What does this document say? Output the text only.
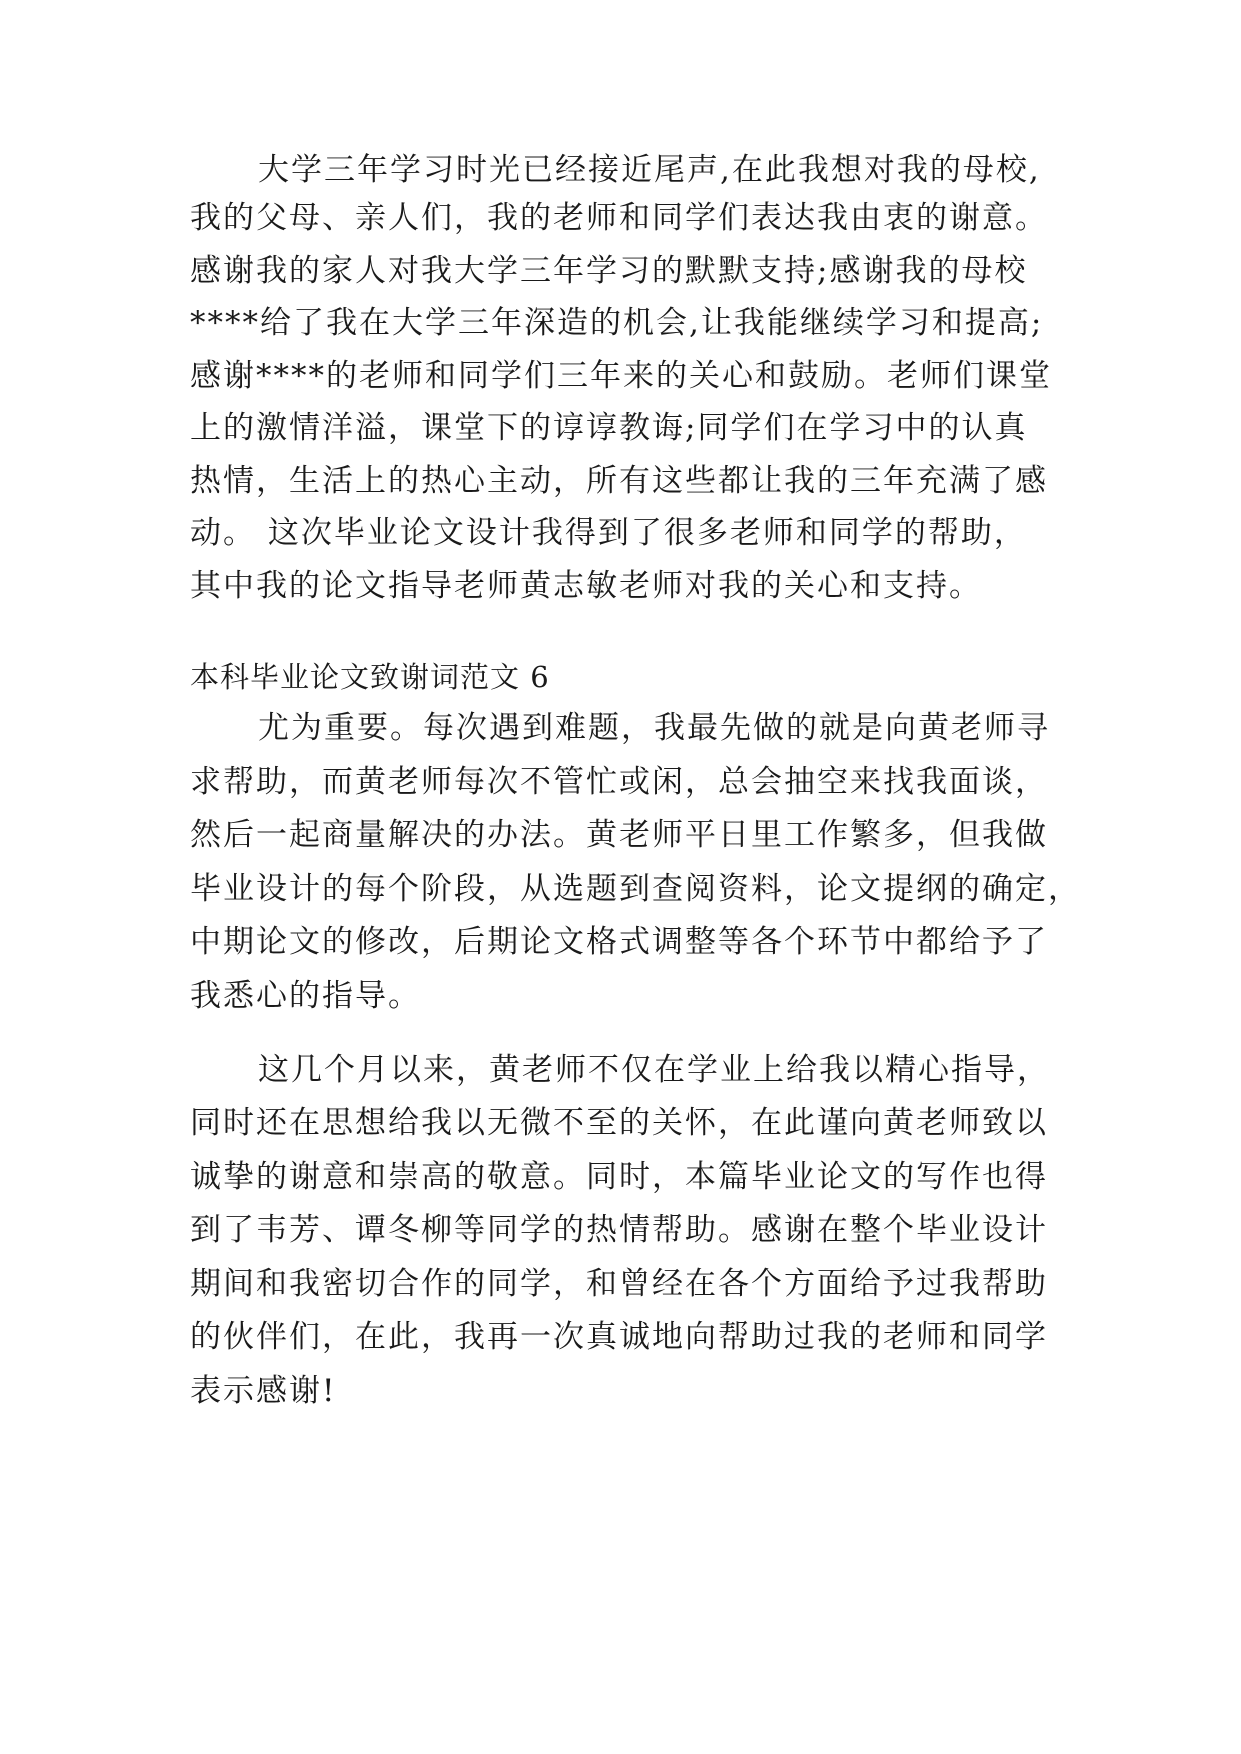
大学三年学习时光已经接近尾声,在此我想对我的母校,
我的父母、亲人们，我的老师和同学们表达我由衷的谢意。
感谢我的家人对我大学三年学习的默默支持;感谢我的母校
****给了我在大学三年深造的机会,让我能继续学习和提高;
感谢****的老师和同学们三年来的关心和鼓励。老师们课堂
上的激情洋溢，课堂下的谆谆教诲;同学们在学习中的认真
热情，生活上的热心主动，所有这些都让我的三年充满了感
动。 这次毕业论文设计我得到了很多老师和同学的帮助，
其中我的论文指导老师黄志敏老师对我的关心和支持。
本科毕业论文致谢词范文 6
尤为重要。每次遇到难题，我最先做的就是向黄老师寻
求帮助，而黄老师每次不管忙或闲，总会抽空来找我面谈，
然后一起商量解决的办法。黄老师平日里工作繁多，但我做
毕业设计的每个阶段，从选题到查阅资料，论文提纲的确定，
中期论文的修改，后期论文格式调整等各个环节中都给予了
我悉心的指导。
这几个月以来，黄老师不仅在学业上给我以精心指导，
同时还在思想给我以无微不至的关怀，在此谨向黄老师致以
诚挚的谢意和崇高的敬意。同时，本篇毕业论文的写作也得
到了韦芳、谭冬柳等同学的热情帮助。感谢在整个毕业设计
期间和我密切合作的同学，和曾经在各个方面给予过我帮助
的伙伴们，在此，我再一次真诚地向帮助过我的老师和同学
表示感谢!
